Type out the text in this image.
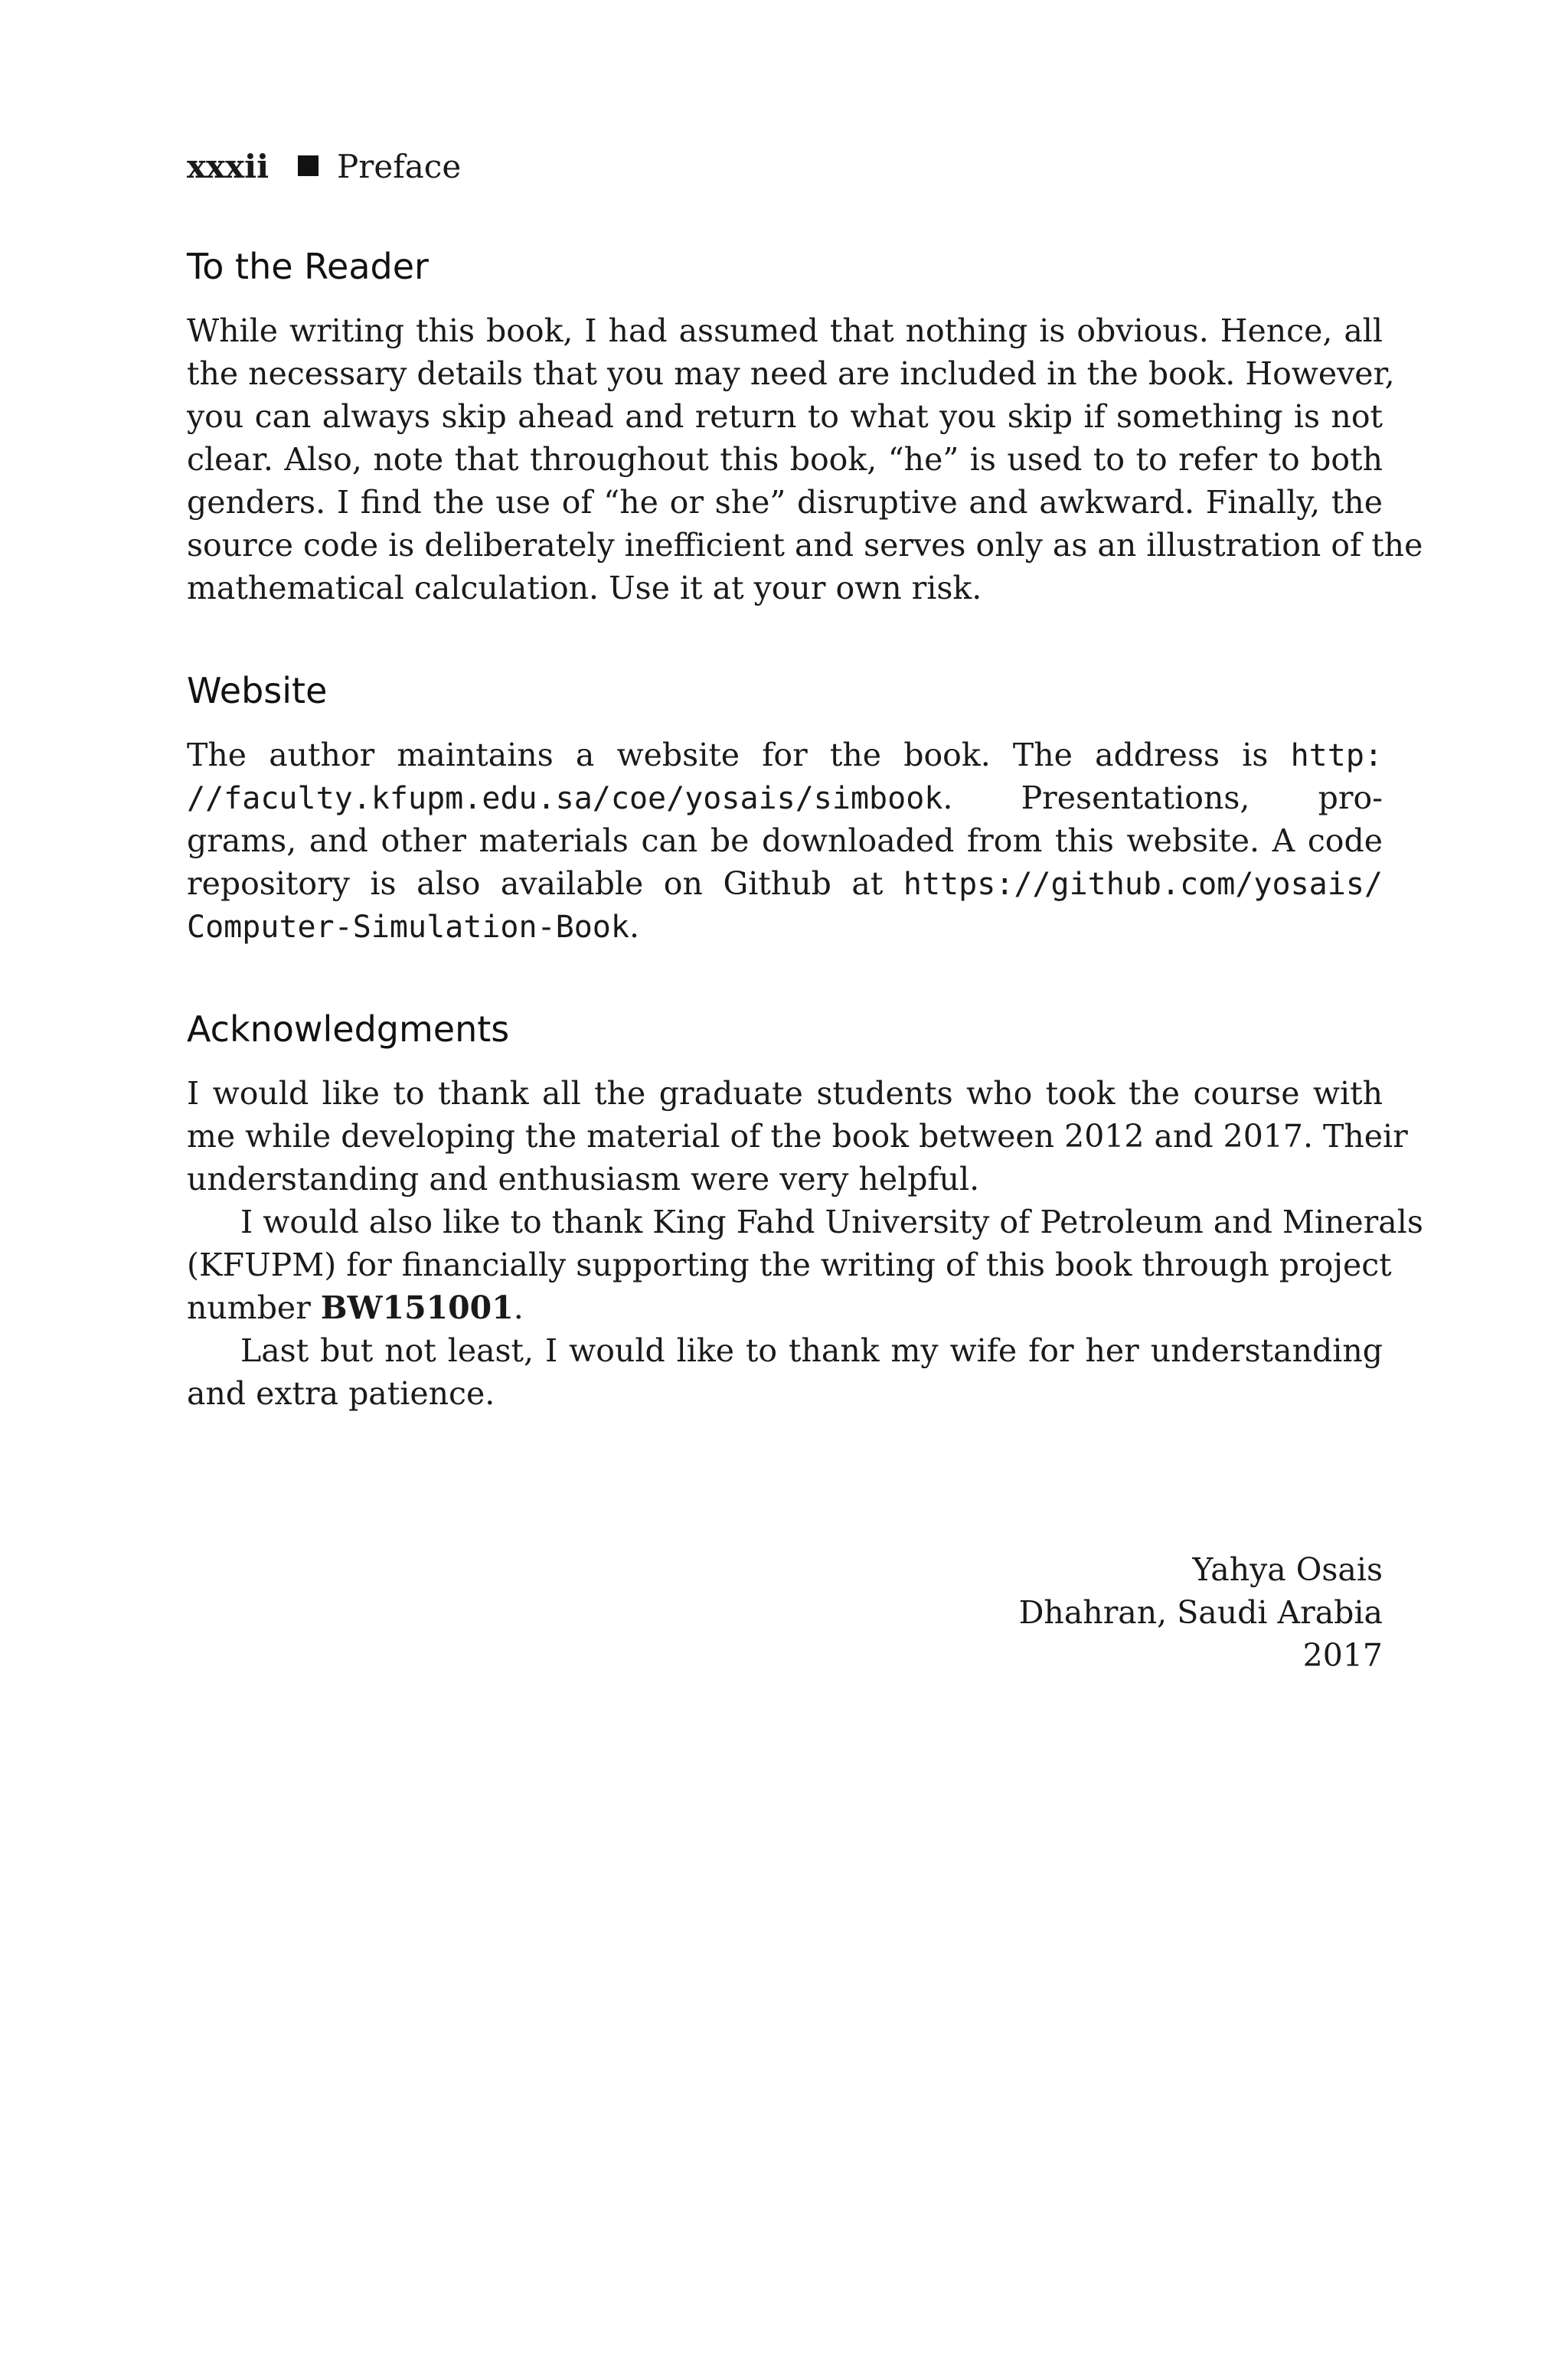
xxxii Preface
To the Reader
While writing this book, I had assumed that nothing is obvious. Hence, all
the necessary details that you may need are included in the book. However,
you can always skip ahead and return to what you skip if something is not
clear. Also, note that throughout this book, “he” is used to to refer to both
genders. I find the use of “he or she” disruptive and awkward. Finally, the
source code is deliberately inefficient and serves only as an illustration of the
mathematical calculation. Use it at your own risk.
Website
The author maintains a website for the book. The address is http:
//faculty.kfupm.edu.sa/coe/yosais/simbook. Presentations, pro-
grams, and other materials can be downloaded from this website. A code
repository is also available on Github at https://github.com/yosais/
Computer-Simulation-Book.
Acknowledgments
I would like to thank all the graduate students who took the course with
me while developing the material of the book between 2012 and 2017. Their
understanding and enthusiasm were very helpful.
I would also like to thank King Fahd University of Petroleum and Minerals
(KFUPM) for financially supporting the writing of this book through project
number BW151001.
Last but not least, I would like to thank my wife for her understanding
and extra patience.
Yahya Osais
Dhahran, Saudi Arabia
2017
